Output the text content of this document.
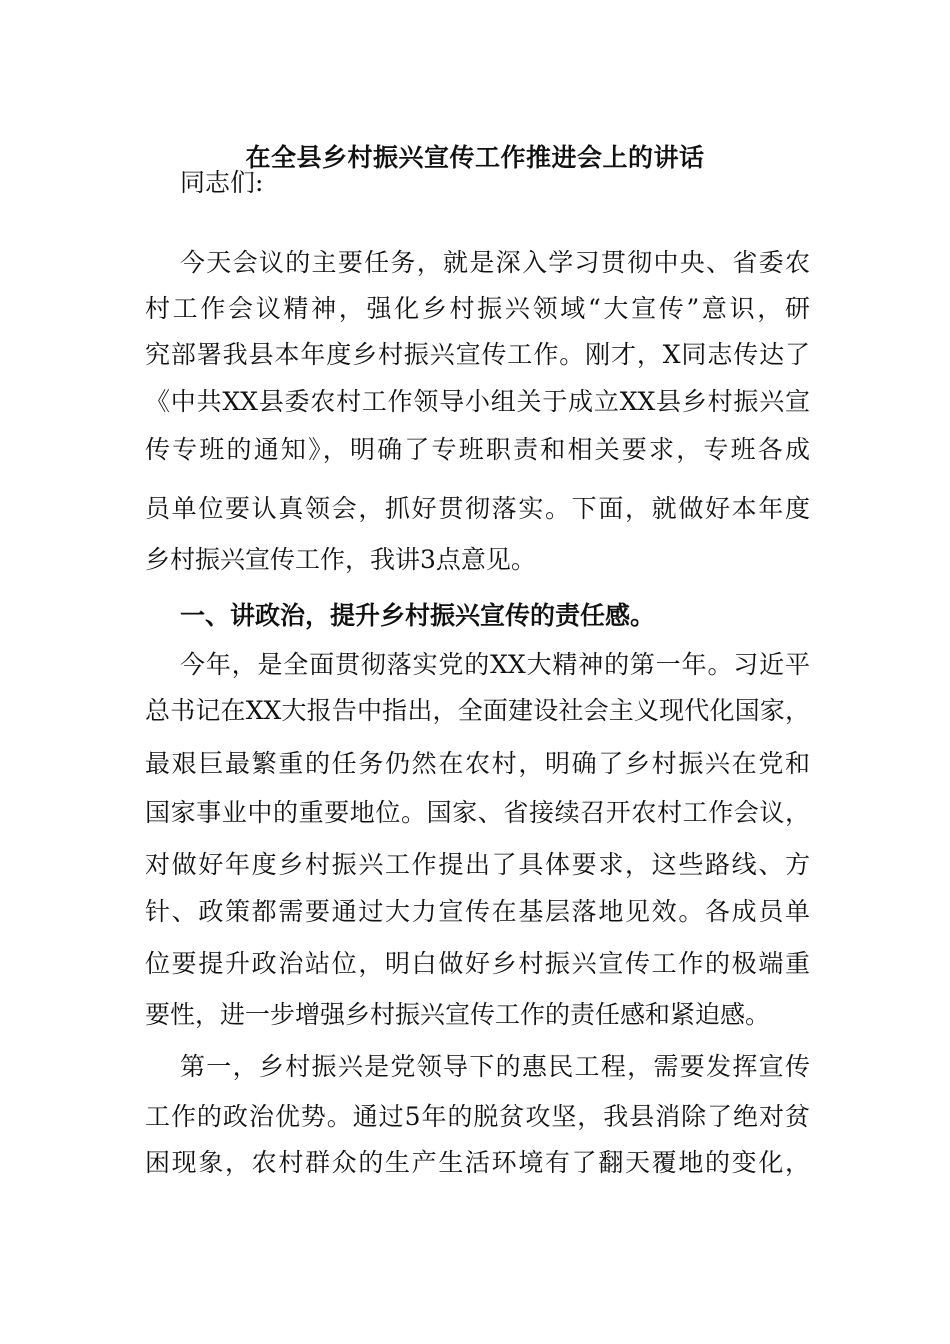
在全县乡村振兴宣传工作推进会上的讲话
同志们:
今天会议的主要任务，就是深入学习贯彻中央、省委农
村工作会议精神，强化乡村振兴领域“大宣传”意识，研
究部署我县本年度乡村振兴宣传工作。刚才，X同志传达了
《中共XX县委农村工作领导小组关于成立XX县乡村振兴宣
传专班的通知》，明确了专班职责和相关要求，专班各成
员单位要认真领会，抓好贯彻落实。下面，就做好本年度
乡村振兴宣传工作，我讲3点意见。
一、讲政治，提升乡村振兴宣传的责任感。
今年，是全面贯彻落实党的XX大精神的第一年。习近平
总书记在XX大报告中指出，全面建设社会主义现代化国家，
最艰巨最繁重的任务仍然在农村，明确了乡村振兴在党和
国家事业中的重要地位。国家、省接续召开农村工作会议，
对做好年度乡村振兴工作提出了具体要求，这些路线、方
针、政策都需要通过大力宣传在基层落地见效。各成员单
位要提升政治站位，明白做好乡村振兴宣传工作的极端重
要性，进一步增强乡村振兴宣传工作的责任感和紧迫感。
第一，乡村振兴是党领导下的惠民工程，需要发挥宣传
工作的政治优势。通过5年的脱贫攻坚，我县消除了绝对贫
困现象，农村群众的生产生活环境有了翻天覆地的变化，
